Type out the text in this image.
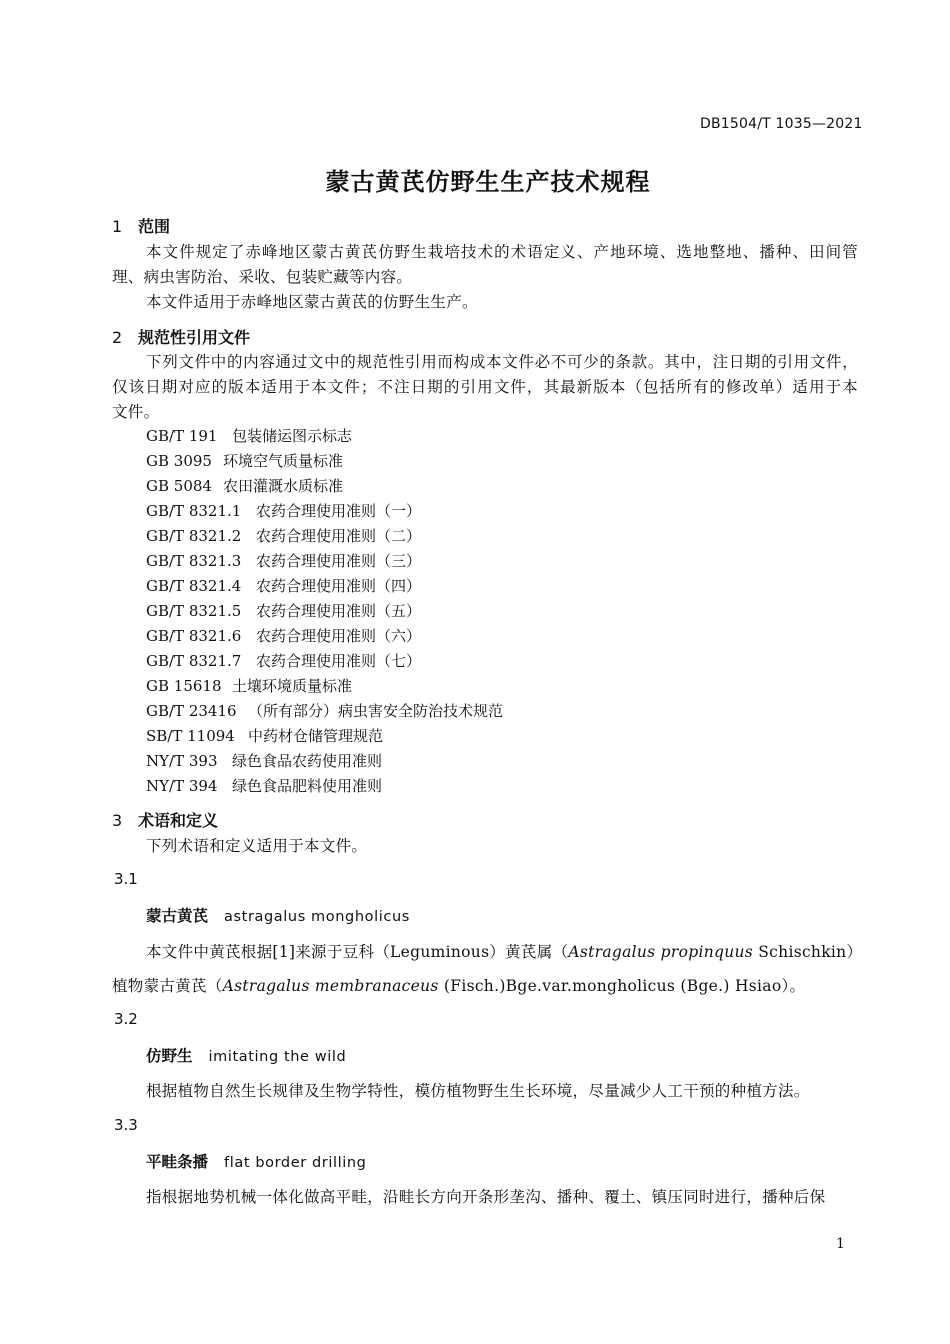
DB1504/T 1035—2021
蒙古黄芪仿野生生产技术规程
1 范围
本文件规定了赤峰地区蒙古黄芪仿野生栽培技术的术语定义、产地环境、选地整地、播种、田间管
理、病虫害防治、采收、包装贮藏等内容。
本文件适用于赤峰地区蒙古黄芪的仿野生生产。
2 规范性引用文件
下列文件中的内容通过文中的规范性引用而构成本文件必不可少的条款。其中，注日期的引用文件，
仅该日期对应的版本适用于本文件；不注日期的引用文件，其最新版本（包括所有的修改单）适用于本
文件。
GB/T 191 包装储运图示标志
GB 3095 环境空气质量标准
GB 5084 农田灌溉水质标准
GB/T 8321.1 农药合理使用准则（一）
GB/T 8321.2 农药合理使用准则（二）
GB/T 8321.3 农药合理使用准则（三）
GB/T 8321.4 农药合理使用准则（四）
GB/T 8321.5 农药合理使用准则（五）
GB/T 8321.6 农药合理使用准则（六）
GB/T 8321.7 农药合理使用准则（七）
GB 15618 土壤环境质量标准
GB/T 23416 （所有部分）病虫害安全防治技术规范
SB/T 11094 中药材仓储管理规范
NY/T 393 绿色食品农药使用准则
NY/T 394 绿色食品肥料使用准则
3 术语和定义
下列术语和定义适用于本文件。
3.1
蒙古黄芪 astragalus mongholicus
本文件中黄芪根据[1]来源于豆科（Leguminous）黄芪属（Astragalus propinquus Schischkin）
植物蒙古黄芪（Astragalus membranaceus (Fisch.)Bge.var.mongholicus (Bge.) Hsiao）。
3.2
仿野生 imitating the wild
根据植物自然生长规律及生物学特性，模仿植物野生生长环境，尽量减少人工干预的种植方法。
3.3
平畦条播 flat border drilling
指根据地势机械一体化做高平畦，沿畦长方向开条形垄沟、播种、覆土、镇压同时进行，播种后保
1
